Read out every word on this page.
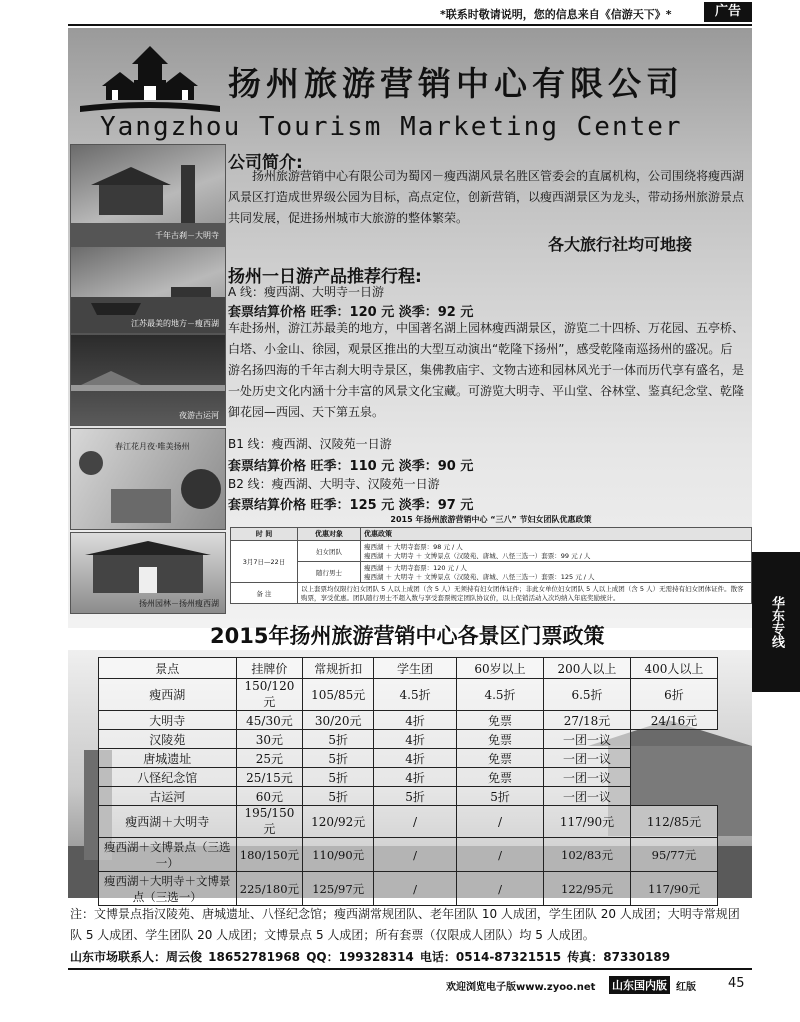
*联系时敬请说明，您的信息来自《信游天下》*	广告
扬州旅游营销中心有限公司
Yangzhou Tourism Marketing Center
千年古刹－大明寺
江苏最美的地方－瘦西湖
夜游古运河
春江花月夜·唯美扬州
扬州园林－扬州瘦西湖
公司简介:
扬州旅游营销中心有限公司为蜀冈－瘦西湖风景名胜区管委会的直属机构，公司围绕将瘦西湖风景区打造成世界级公园为目标，高点定位，创新营销，以瘦西湖景区为龙头，带动扬州旅游景点共同发展，促进扬州城市大旅游的整体繁荣。
各大旅行社均可地接
扬州一日游产品推荐行程:
A 线：瘦西湖、大明寺一日游
套票结算价格 旺季：120 元 淡季：92 元
车赴扬州，游江苏最美的地方，中国著名湖上园林瘦西湖景区，游览二十四桥、万花园、五亭桥、白塔、小金山、徐园，观景区推出的大型互动演出“乾隆下扬州”，感受乾隆南巡扬州的盛况。后游名扬四海的千年古刹大明寺景区，集佛教庙宇、文物古迹和园林风光于一体而历代享有盛名，是一处历史文化内涵十分丰富的风景文化宝藏。可游览大明寺、平山堂、谷林堂、鉴真纪念堂、乾隆御花园—西园、天下第五泉。
B1 线：瘦西湖、汉陵苑一日游
套票结算价格 旺季：110 元 淡季：90 元
B2 线：瘦西湖、大明寺、汉陵苑一日游
套票结算价格 旺季：125 元 淡季：97 元
2015 年扬州旅游营销中心 “三八” 节妇女团队优惠政策
时 间	优惠对象	优惠政策
3月7日—22日	妇女团队	瘦西湖 ＋ 大明寺套票：98 元 / 人
瘦西湖 ＋ 大明寺 ＋ 文博景点（汉陵苑、唐城、八怪三选一）套票：99 元 / 人

	随行男士	瘦西湖 ＋ 大明寺套票：120 元 / 人
瘦西湖 ＋ 大明寺 ＋ 文博景点（汉陵苑、唐城、八怪三选一）套票：125 元 / 人

备 注	以上套票均仅限行妇女团队 5 人以上成团（含 5 人）无须持有妇女团体证件；非此女单位妇女团队 5 人以上成团（含 5 人）无需持有妇女团体证件。散客购票，享受优惠。团队随行男士不超入数与享受套票规定团队协议价，以上促销活动入次均纳入年底奖励统计。		华东专线
2015年扬州旅游营销中心各景区门票政策
景点	挂牌价	常规折扣	学生团	60岁以上	200人以上	400人以上
瘦西湖	150/120元	105/85元	4.5折	4.5折	6.5折	6折
大明寺	45/30元	30/20元	4折	免票	27/18元	24/16元
汉陵苑	30元	5折	4折	免票	一团一议	
唐城遗址	25元	5折	4折	免票	一团一议	
八怪纪念馆	25/15元	5折	4折	免票	一团一议	
古运河	60元	5折	5折	5折	一团一议	
瘦西湖＋大明寺	195/150元	120/92元	/	/	117/90元	112/85元
瘦西湖＋文博景点（三选一）	180/150元	110/90元	/	/	102/83元	95/77元
瘦西湖＋大明寺＋文博景点（三选一）	225/180元	125/97元	/	/	122/95元	117/90元
注：文博景点指汉陵苑、唐城遗址、八怪纪念馆；瘦西湖常规团队、老年团队 10 人成团，学生团队 20 人成团；大明寺常规团队 5 人成团、学生团队 20 人成团；文博景点 5 人成团；所有套票（仅限成人团队）均 5 人成团。
山东市场联系人：周云俊 18652781968 QQ：199328314 电话：0514-87321515 传真：87330189
欢迎浏览电子版www.zyoo.net 山东国内版 红版 45
